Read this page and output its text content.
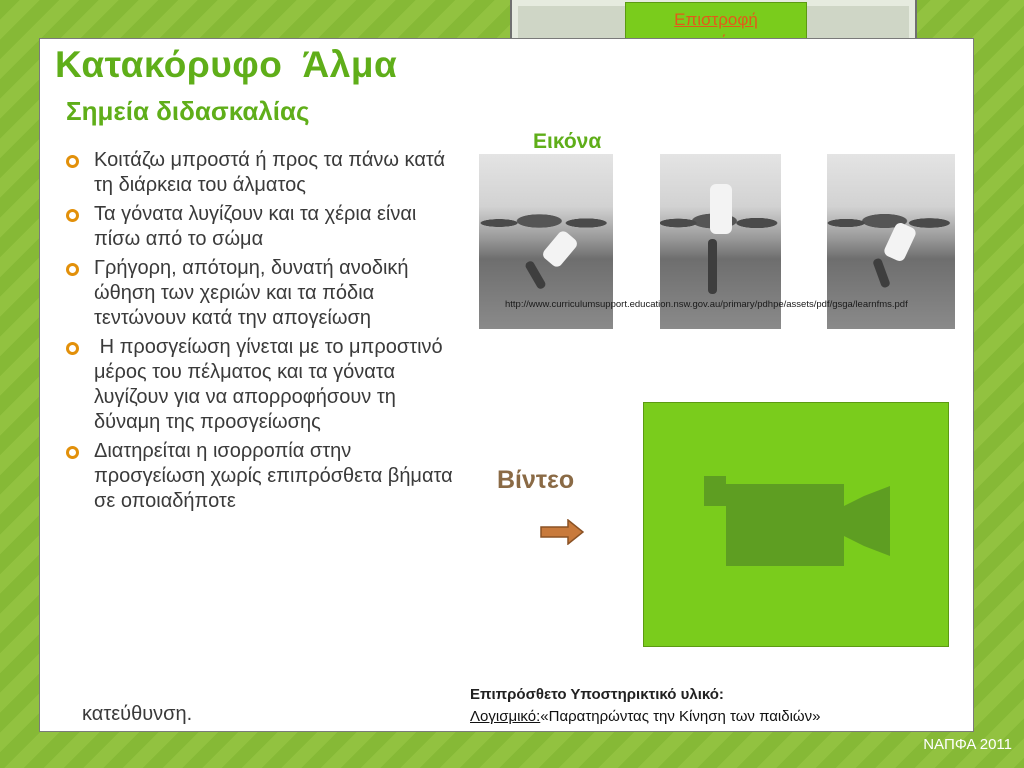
Επιστροφή
Κατακόρυφο  Άλμα
Σημεία διδασκαλίας
Κοιτάζω μπροστά ή προς τα πάνω κατά τη διάρκεια του άλματος
Τα γόνατα λυγίζουν και τα χέρια είναι πίσω από το σώμα
Γρήγορη, απότομη, δυνατή ανοδική ώθηση των χεριών και τα πόδια τεντώνουν κατά την απογείωση
Η προσγείωση γίνεται με το μπροστινό μέρος του πέλματος και τα γόνατα λυγίζουν για να απορροφήσουν τη δύναμη της προσγείωσης
Διατηρείται η ισορροπία στην προσγείωση χωρίς επιπρόσθετα βήματα σε οποιαδήποτε
κατεύθυνση.
Εικόνα
http://www.curriculumsupport.education.nsw.gov.au/primary/pdhpe/assets/pdf/gsga/learnfms.pdf
Βίντεο
Επιπρόσθετο Υποστηρικτικό υλικό:
Λογισμικό:«Παρατηρώντας την Κίνηση των παιδιών»
ΝΑΠΦΑ 2011
